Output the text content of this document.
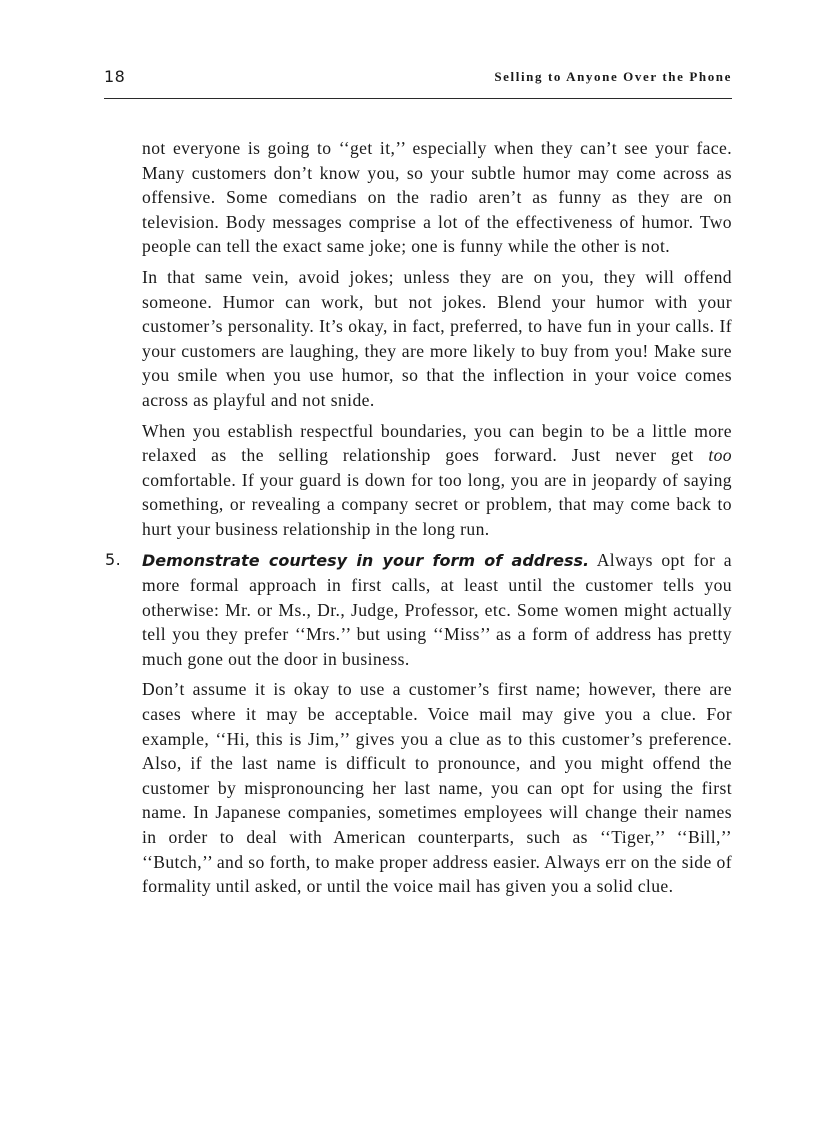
18	Selling to Anyone Over the Phone

not everyone is going to ‘‘get it,’’ especially when they can’t see your face. Many customers don’t know you, so your subtle humor may come across as offensive. Some comedians on the radio aren’t as funny as they are on television. Body messages comprise a lot of the effectiveness of humor. Two people can tell the exact same joke; one is funny while the other is not.

In that same vein, avoid jokes; unless they are on you, they will offend someone. Humor can work, but not jokes. Blend your humor with your customer’s personality. It’s okay, in fact, preferred, to have fun in your calls. If your customers are laughing, they are more likely to buy from you! Make sure you smile when you use humor, so that the inflection in your voice comes across as playful and not snide.

When you establish respectful boundaries, you can begin to be a little more relaxed as the selling relationship goes forward. Just never get too comfortable. If your guard is down for too long, you are in jeopardy of saying something, or revealing a company secret or problem, that may come back to hurt your business relationship in the long run.

5. Demonstrate courtesy in your form of address. Always opt for a more formal approach in first calls, at least until the customer tells you otherwise: Mr. or Ms., Dr., Judge, Professor, etc. Some women might actually tell you they prefer ‘‘Mrs.’’ but using ‘‘Miss’’ as a form of address has pretty much gone out the door in business.

Don’t assume it is okay to use a customer’s first name; however, there are cases where it may be acceptable. Voice mail may give you a clue. For example, ‘‘Hi, this is Jim,’’ gives you a clue as to this customer’s preference. Also, if the last name is difficult to pronounce, and you might offend the customer by mispronouncing her last name, you can opt for using the first name. In Japanese companies, sometimes employees will change their names in order to deal with American counterparts, such as ‘‘Tiger,’’ ‘‘Bill,’’ ‘‘Butch,’’ and so forth, to make proper address easier. Always err on the side of formality until asked, or until the voice mail has given you a solid clue.
